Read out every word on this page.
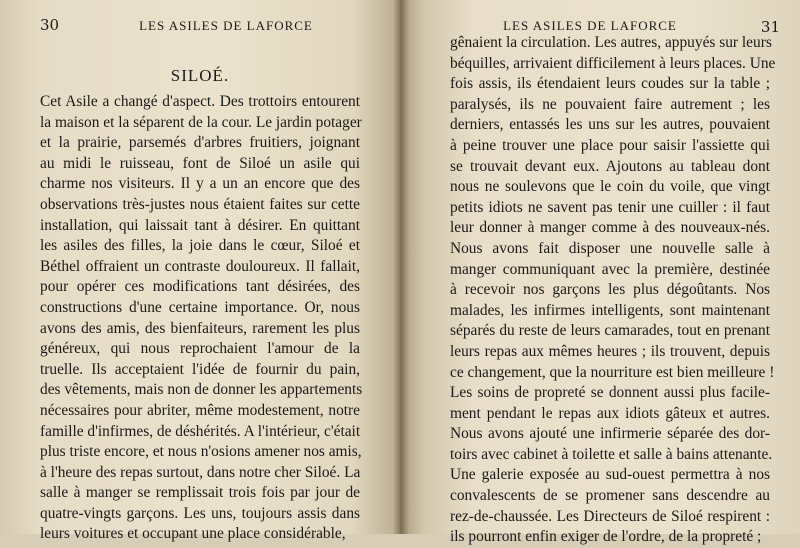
30	LES ASILES DE LAFORCE
SILOÉ.
Cet Asile a changé d'aspect. Des trottoirs entourent
la maison et la séparent de la cour. Le jardin potager
et la prairie, parsemés d'arbres fruitiers, joignant
au midi le ruisseau, font de Siloé un asile qui
charme nos visiteurs. Il y a un an encore que des
observations très-justes nous étaient faites sur cette
installation, qui laissait tant à désirer. En quittant
les asiles des filles, la joie dans le cœur, Siloé et
Béthel offraient un contraste douloureux. Il fallait,
pour opérer ces modifications tant désirées, des
constructions d'une certaine importance. Or, nous
avons des amis, des bienfaiteurs, rarement les plus
généreux, qui nous reprochaient l'amour de la
truelle. Ils acceptaient l'idée de fournir du pain,
des vêtements, mais non de donner les appartements
nécessaires pour abriter, même modestement, notre
famille d'infirmes, de déshérités. A l'intérieur, c'était
plus triste encore, et nous n'osions amener nos amis,
à l'heure des repas surtout, dans notre cher Siloé. La
salle à manger se remplissait trois fois par jour de
quatre-vingts garçons. Les uns, toujours assis dans
leurs voitures et occupant une place considérable,
31
LES ASILES DE LAFORCE
gênaient la circulation. Les autres, appuyés sur leurs
béquilles, arrivaient difficilement à leurs places. Une
fois assis, ils étendaient leurs coudes sur la table ;
paralysés, ils ne pouvaient faire autrement ; les
derniers, entassés les uns sur les autres, pouvaient
à peine trouver une place pour saisir l'assiette qui
se trouvait devant eux. Ajoutons au tableau dont
nous ne soulevons que le coin du voile, que vingt
petits idiots ne savent pas tenir une cuiller : il faut
leur donner à manger comme à des nouveaux-nés.
Nous avons fait disposer une nouvelle salle à
manger communiquant avec la première, destinée
à recevoir nos garçons les plus dégoûtants. Nos
malades, les infirmes intelligents, sont maintenant
séparés du reste de leurs camarades, tout en prenant
leurs repas aux mêmes heures ; ils trouvent, depuis
ce changement, que la nourriture est bien meilleure !
Les soins de propreté se donnent aussi plus facile-
ment pendant le repas aux idiots gâteux et autres.
Nous avons ajouté une infirmerie séparée des dor-
toirs avec cabinet à toilette et salle à bains attenante.
Une galerie exposée au sud-ouest permettra à nos
convalescents de se promener sans descendre au
rez-de-chaussée. Les Directeurs de Siloé respirent :
ils pourront enfin exiger de l'ordre, de la propreté ;
